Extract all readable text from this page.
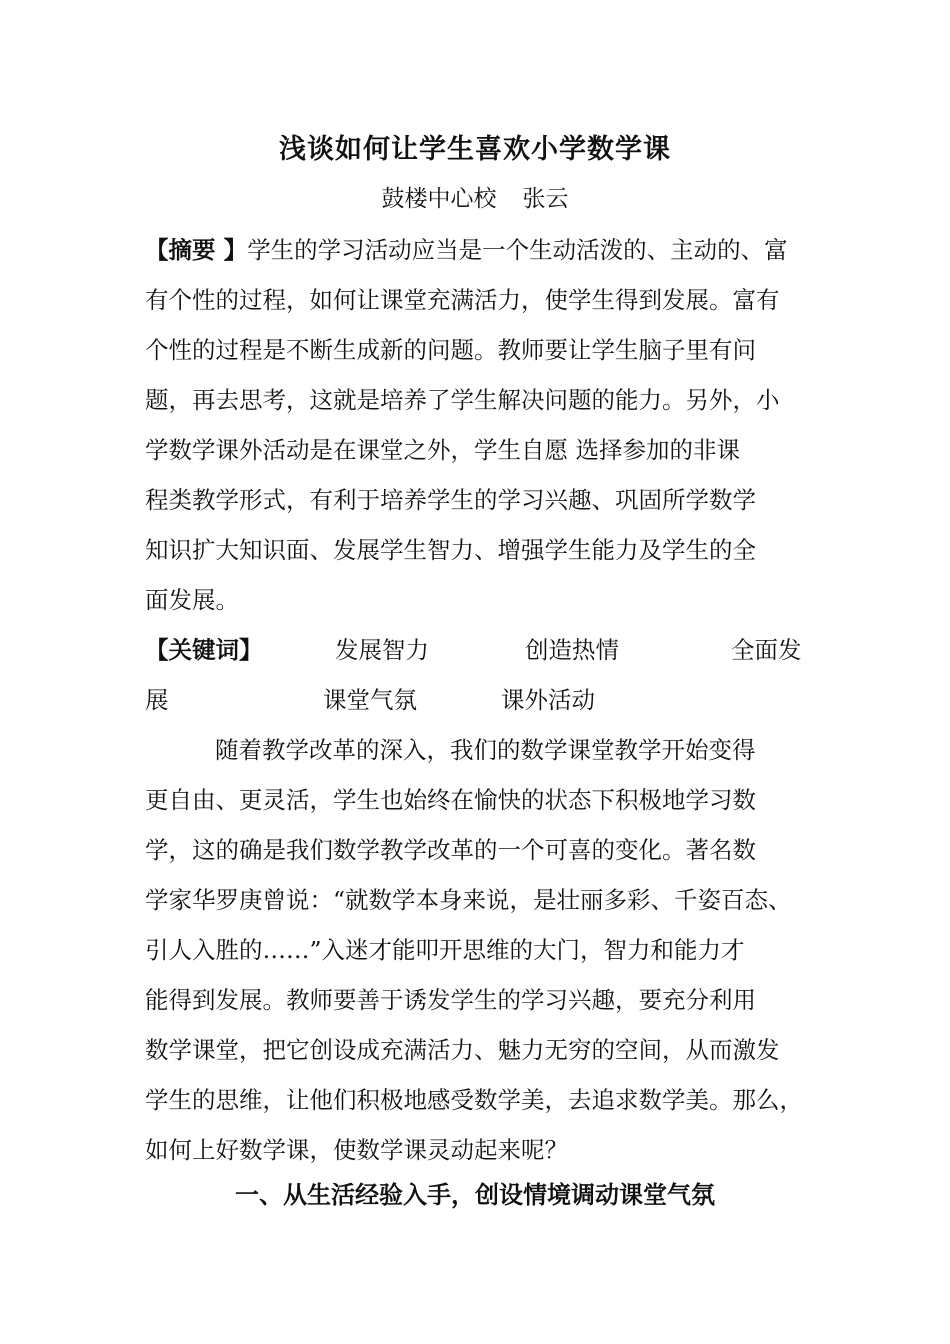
浅谈如何让学生喜欢小学数学课
鼓楼中心校 张云
【摘要 】学生的学习活动应当是一个生动活泼的、主动的、富
有个性的过程，如何让课堂充满活力，使学生得到发展。富有
个性的过程是不断生成新的问题。教师要让学生脑子里有问
题，再去思考，这就是培养了学生解决问题的能力。另外，小
学数学课外活动是在课堂之外，学生自愿 选择参加的非课
程类教学形式，有利于培养学生的学习兴趣、巩固所学数学
知识扩大知识面、发展学生智力、增强学生能力及学生的全
面发展。
【关键词】	发展智力	创造热情	全面发
展	课堂气氛	课外活动
随着教学改革的深入，我们的数学课堂教学开始变得
更自由、更灵活，学生也始终在愉快的状态下积极地学习数
学，这的确是我们数学教学改革的一个可喜的变化。著名数
学家华罗庚曾说：“就数学本身来说，是壮丽多彩、千姿百态、
引人入胜的……”入迷才能叩开思维的大门，智力和能力才
能得到发展。教师要善于诱发学生的学习兴趣，要充分利用
数学课堂，把它创设成充满活力、魅力无穷的空间，从而激发
学生的思维，让他们积极地感受数学美，去追求数学美。那么，
如何上好数学课，使数学课灵动起来呢？
一、从生活经验入手，创设情境调动课堂气氛
